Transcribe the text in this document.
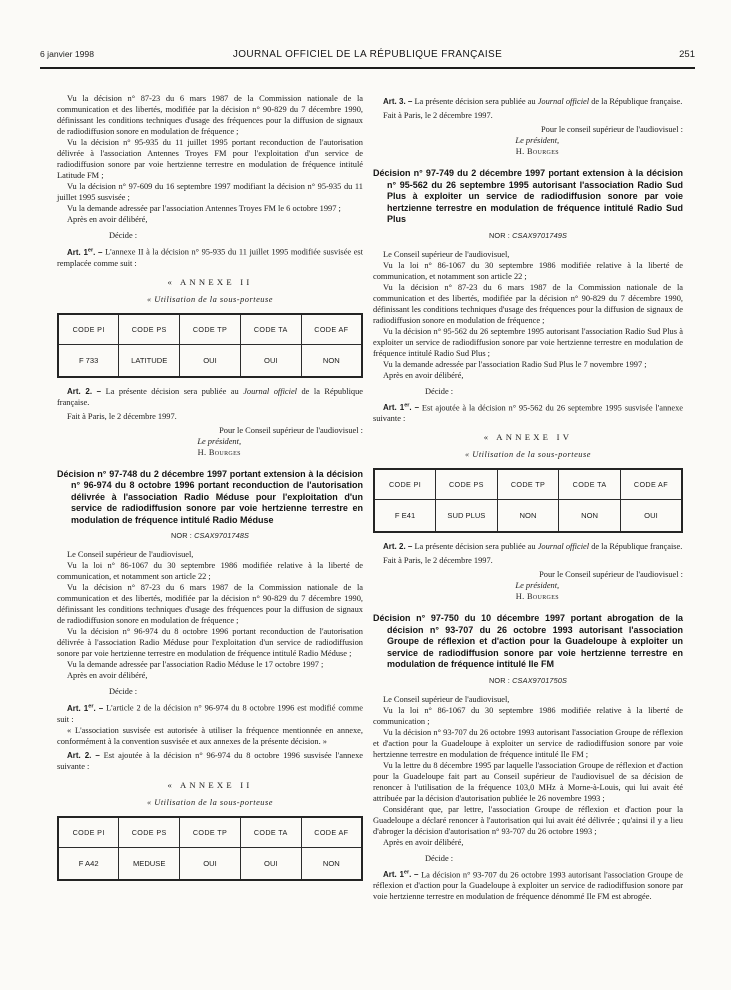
6 janvier 1998	JOURNAL OFFICIEL DE LA RÉPUBLIQUE FRANÇAISE	251

Vu la décision n° 87-23 du 6 mars 1987 de la Commission nationale de la communication et des libertés, modifiée par la décision n° 90-829 du 7 décembre 1990, définissant les conditions techniques d'usage des fréquences pour la diffusion de signaux de radiodiffusion sonore en modulation de fréquence ;

Vu la décision n° 95-935 du 11 juillet 1995 portant reconduction de l'autorisation délivrée à l'association Antennes Troyes FM pour l'exploitation d'un service de radiodiffusion sonore par voie hertzienne terrestre en modulation de fréquence intitulé Latitude FM ;

Vu la décision n° 97-609 du 16 septembre 1997 modifiant la décision n° 95-935 du 11 juillet 1995 susvisée ;

Vu la demande adressée par l'association Antennes Troyes FM le 6 octobre 1997 ;

Après en avoir délibéré,

Décide :

Art. 1er. – L'annexe II à la décision n° 95-935 du 11 juillet 1995 modifiée susvisée est remplacée comme suit :

« ANNEXE II

« Utilisation de la sous-porteuse

CODE PI	CODE PS	CODE TP	CODE TA	CODE AF
F 733	LATITUDE	OUI	OUI	NON

Art. 2. – La présente décision sera publiée au Journal officiel de la République française.

Fait à Paris, le 2 décembre 1997.

Pour le Conseil supérieur de l'audiovisuel :

Le président,

H. Bourges

Décision n° 97-748 du 2 décembre 1997 portant extension à la décision n° 96-974 du 8 octobre 1996 portant reconduction de l'autorisation délivrée à l'association Radio Méduse pour l'exploitation d'un service de radiodiffusion sonore par voie hertzienne terrestre en modulation de fréquence intitulé Radio Méduse

NOR : CSAX9701748S

Le Conseil supérieur de l'audiovisuel,

Vu la loi n° 86-1067 du 30 septembre 1986 modifiée relative à la liberté de communication, et notamment son article 22 ;

Vu la décision n° 87-23 du 6 mars 1987 de la Commission nationale de la communication et des libertés, modifiée par la décision n° 90-829 du 7 décembre 1990, définissant les conditions techniques d'usage des fréquences pour la diffusion de signaux de radiodiffusion sonore en modulation de fréquence ;

Vu la décision n° 96-974 du 8 octobre 1996 portant reconduction de l'autorisation délivrée à l'association Radio Méduse pour l'exploitation d'un service de radiodiffusion sonore par voie hertzienne terrestre en modulation de fréquence intitulé Radio Méduse ;

Vu la demande adressée par l'association Radio Méduse le 17 octobre 1997 ;

Après en avoir délibéré,

Décide :

Art. 1er. – L'article 2 de la décision n° 96-974 du 8 octobre 1996 est modifié comme suit :

« L'association susvisée est autorisée à utiliser la fréquence mentionnée en annexe, conformément à la convention susvisée et aux annexes de la présente décision. »

Art. 2. – Est ajoutée à la décision n° 96-974 du 8 octobre 1996 susvisée l'annexe suivante :

« ANNEXE II

« Utilisation de la sous-porteuse

CODE PI	CODE PS	CODE TP	CODE TA	CODE AF
F A42	MEDUSE	OUI	OUI	NON

Art. 3. – La présente décision sera publiée au Journal officiel de la République française.

Fait à Paris, le 2 décembre 1997.

Pour le conseil supérieur de l'audiovisuel :

Le président,

H. Bourges

Décision n° 97-749 du 2 décembre 1997 portant extension à la décision n° 95-562 du 26 septembre 1995 autorisant l'association Radio Sud Plus à exploiter un service de radiodiffusion sonore par voie hertzienne terrestre en modulation de fréquence intitulé Radio Sud Plus

NOR : CSAX9701749S

Le Conseil supérieur de l'audiovisuel,

Vu la loi n° 86-1067 du 30 septembre 1986 modifiée relative à la liberté de communication, et notamment son article 22 ;

Vu la décision n° 87-23 du 6 mars 1987 de la Commission nationale de la communication et des libertés, modifiée par la décision n° 90-829 du 7 décembre 1990, définissant les conditions techniques d'usage des fréquences pour la diffusion de signaux de radiodiffusion sonore en modulation de fréquence ;

Vu la décision n° 95-562 du 26 septembre 1995 autorisant l'association Radio Sud Plus à exploiter un service de radiodiffusion sonore par voie hertzienne terrestre en modulation de fréquence intitulé Radio Sud Plus ;

Vu la demande adressée par l'association Radio Sud Plus le 7 novembre 1997 ;

Après en avoir délibéré,

Décide :

Art. 1er. – Est ajoutée à la décision n° 95-562 du 26 septembre 1995 susvisée l'annexe suivante :

« ANNEXE IV

« Utilisation de la sous-porteuse

CODE PI	CODE PS	CODE TP	CODE TA	CODE AF
F E41	SUD PLUS	NON	NON	OUI

Art. 2. – La présente décision sera publiée au Journal officiel de la République française.

Fait à Paris, le 2 décembre 1997.

Pour le Conseil supérieur de l'audiovisuel :

Le président,

H. Bourges

Décision n° 97-750 du 10 décembre 1997 portant abrogation de la décision n° 93-707 du 26 octobre 1993 autorisant l'association Groupe de réflexion et d'action pour la Guadeloupe à exploiter un service de radiodiffusion sonore par voie hertzienne terrestre en modulation de fréquence intitulé Ile FM

NOR : CSAX9701750S

Le Conseil supérieur de l'audiovisuel,

Vu la loi n° 86-1067 du 30 septembre 1986 modifiée relative à la liberté de communication ;

Vu la décision n° 93-707 du 26 octobre 1993 autorisant l'association Groupe de réflexion et d'action pour la Guadeloupe à exploiter un service de radiodiffusion sonore par voie hertzienne terrestre en modulation de fréquence intitulé Ile FM ;

Vu la lettre du 8 décembre 1995 par laquelle l'association Groupe de réflexion et d'action pour la Guadeloupe fait part au Conseil supérieur de l'audiovisuel de sa décision de renoncer à l'utilisation de la fréquence 103,0 MHz à Morne-à-Louis, qui lui avait été attribuée par la décision d'autorisation publiée le 26 novembre 1993 ;

Considérant que, par lettre, l'association Groupe de réflexion et d'action pour la Guadeloupe a déclaré renoncer à l'autorisation qui lui avait été délivrée ; qu'ainsi il y a lieu d'abroger la décision d'autorisation n° 93-707 du 26 octobre 1993 ;

Après en avoir délibéré,

Décide :

Art. 1er. – La décision n° 93-707 du 26 octobre 1993 autorisant l'association Groupe de réflexion et d'action pour la Guadeloupe à exploiter un service de radiodiffusion sonore par voie hertzienne terrestre en modulation de fréquence dénommé Ile FM est abrogée.
